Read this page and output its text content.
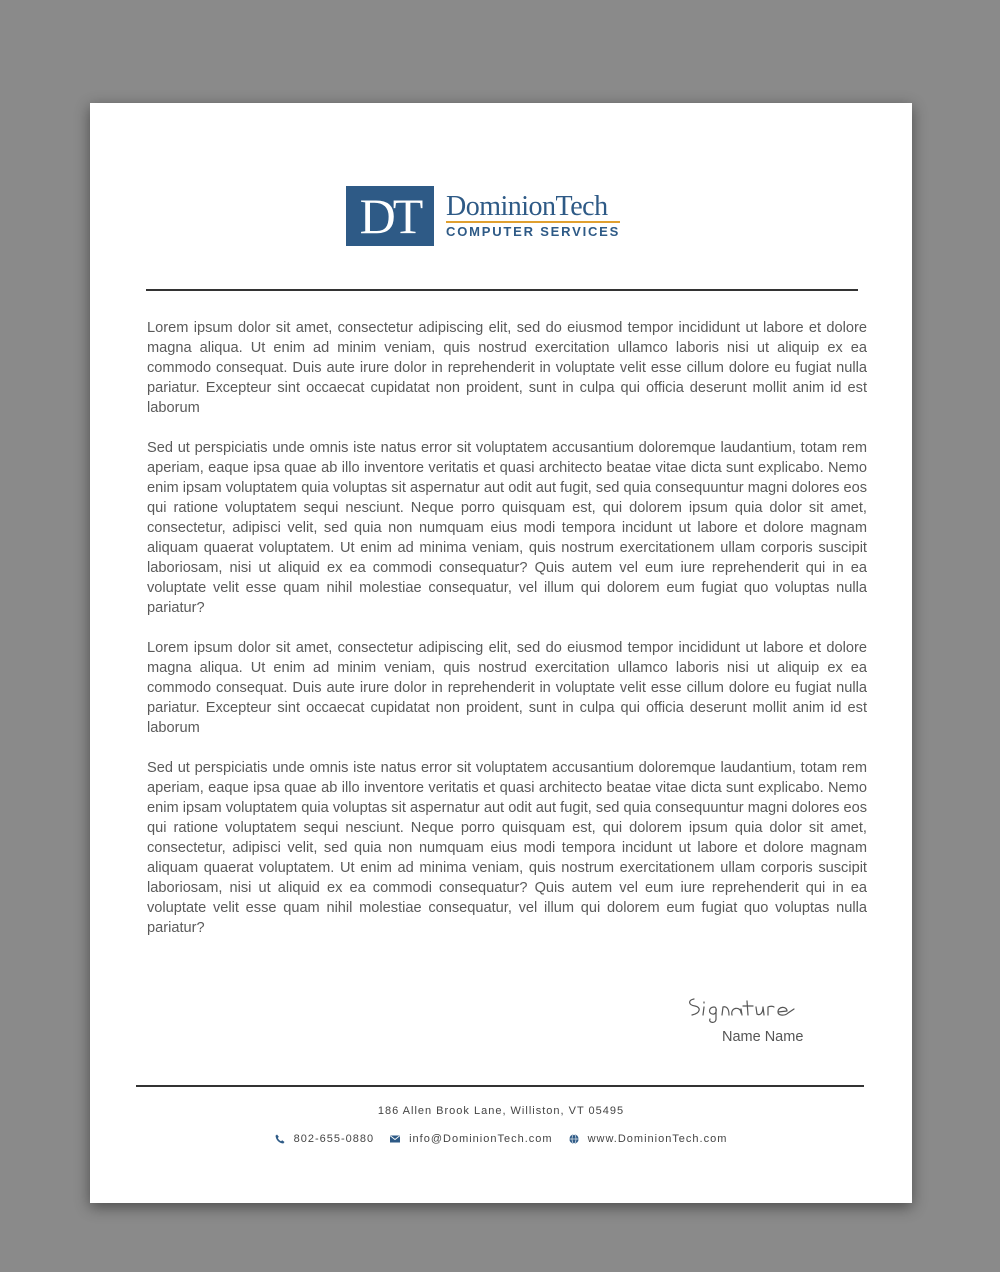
DT DominionTech
COMPUTER SERVICES

Lorem ipsum dolor sit amet, consectetur adipiscing elit, sed do eiusmod tempor incididunt ut labore et dolore magna aliqua. Ut enim ad minim veniam, quis nostrud exercitation ullamco laboris nisi ut aliquip ex ea commodo consequat. Duis aute irure dolor in reprehenderit in voluptate velit esse cillum dolore eu fugiat nulla pariatur. Excepteur sint occaecat cupidatat non proident, sunt in culpa qui officia deserunt mollit anim id est laborum

Sed ut perspiciatis unde omnis iste natus error sit voluptatem accusantium doloremque laudantium, totam rem aperiam, eaque ipsa quae ab illo inventore veritatis et quasi architecto beatae vitae dicta sunt explicabo. Nemo enim ipsam voluptatem quia voluptas sit aspernatur aut odit aut fugit, sed quia consequuntur magni dolores eos qui ratione voluptatem sequi nesciunt. Neque porro quisquam est, qui dolorem ipsum quia dolor sit amet, consectetur, adipisci velit, sed quia non numquam eius modi tempora incidunt ut labore et dolore magnam aliquam quaerat voluptatem. Ut enim ad minima veniam, quis nostrum exercitationem ullam corporis suscipit laboriosam, nisi ut aliquid ex ea commodi consequatur? Quis autem vel eum iure reprehenderit qui in ea voluptate velit esse quam nihil molestiae consequatur, vel illum qui dolorem eum fugiat quo voluptas nulla pariatur?

Lorem ipsum dolor sit amet, consectetur adipiscing elit, sed do eiusmod tempor incididunt ut labore et dolore magna aliqua. Ut enim ad minim veniam, quis nostrud exercitation ullamco laboris nisi ut aliquip ex ea commodo consequat. Duis aute irure dolor in reprehenderit in voluptate velit esse cillum dolore eu fugiat nulla pariatur. Excepteur sint occaecat cupidatat non proident, sunt in culpa qui officia deserunt mollit anim id est laborum

Sed ut perspiciatis unde omnis iste natus error sit voluptatem accusantium doloremque laudantium, totam rem aperiam, eaque ipsa quae ab illo inventore veritatis et quasi architecto beatae vitae dicta sunt explicabo. Nemo enim ipsam voluptatem quia voluptas sit aspernatur aut odit aut fugit, sed quia consequuntur magni dolores eos qui ratione voluptatem sequi nesciunt. Neque porro quisquam est, qui dolorem ipsum quia dolor sit amet, consectetur, adipisci velit, sed quia non numquam eius modi tempora incidunt ut labore et dolore magnam aliquam quaerat voluptatem. Ut enim ad minima veniam, quis nostrum exercitationem ullam corporis suscipit laboriosam, nisi ut aliquid ex ea commodi consequatur? Quis autem vel eum iure reprehenderit qui in ea voluptate velit esse quam nihil molestiae consequatur, vel illum qui dolorem eum fugiat quo voluptas nulla pariatur?

Name Name
186 Allen Brook Lane, Williston, VT 05495
802-655-0880	info@DominionTech.com	www.DominionTech.com
